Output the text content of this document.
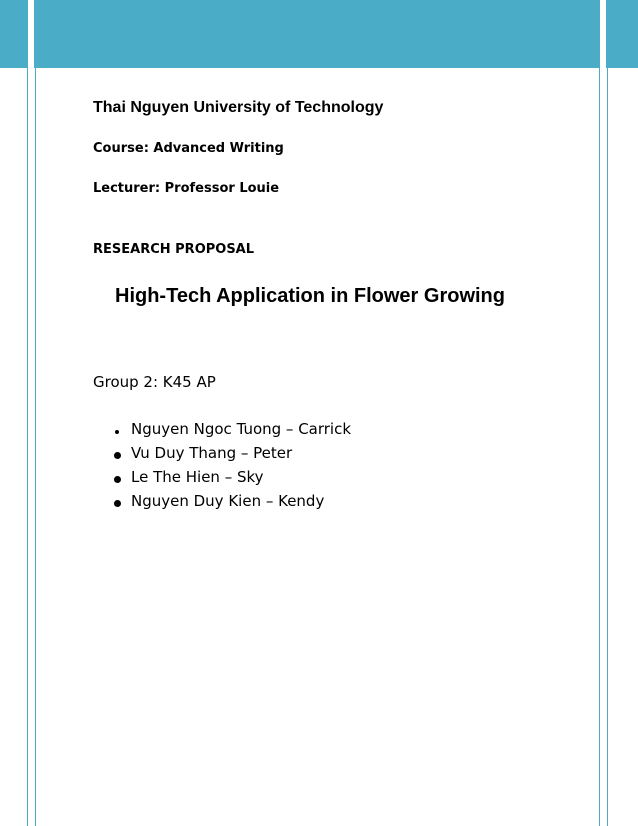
Thai Nguyen University of Technology
Course: Advanced Writing
Lecturer: Professor Louie
RESEARCH PROPOSAL
High-Tech Application in Flower Growing
Group 2: K45 AP
Nguyen Ngoc Tuong – Carrick
Vu Duy Thang – Peter
Le The Hien – Sky
Nguyen Duy Kien – Kendy
